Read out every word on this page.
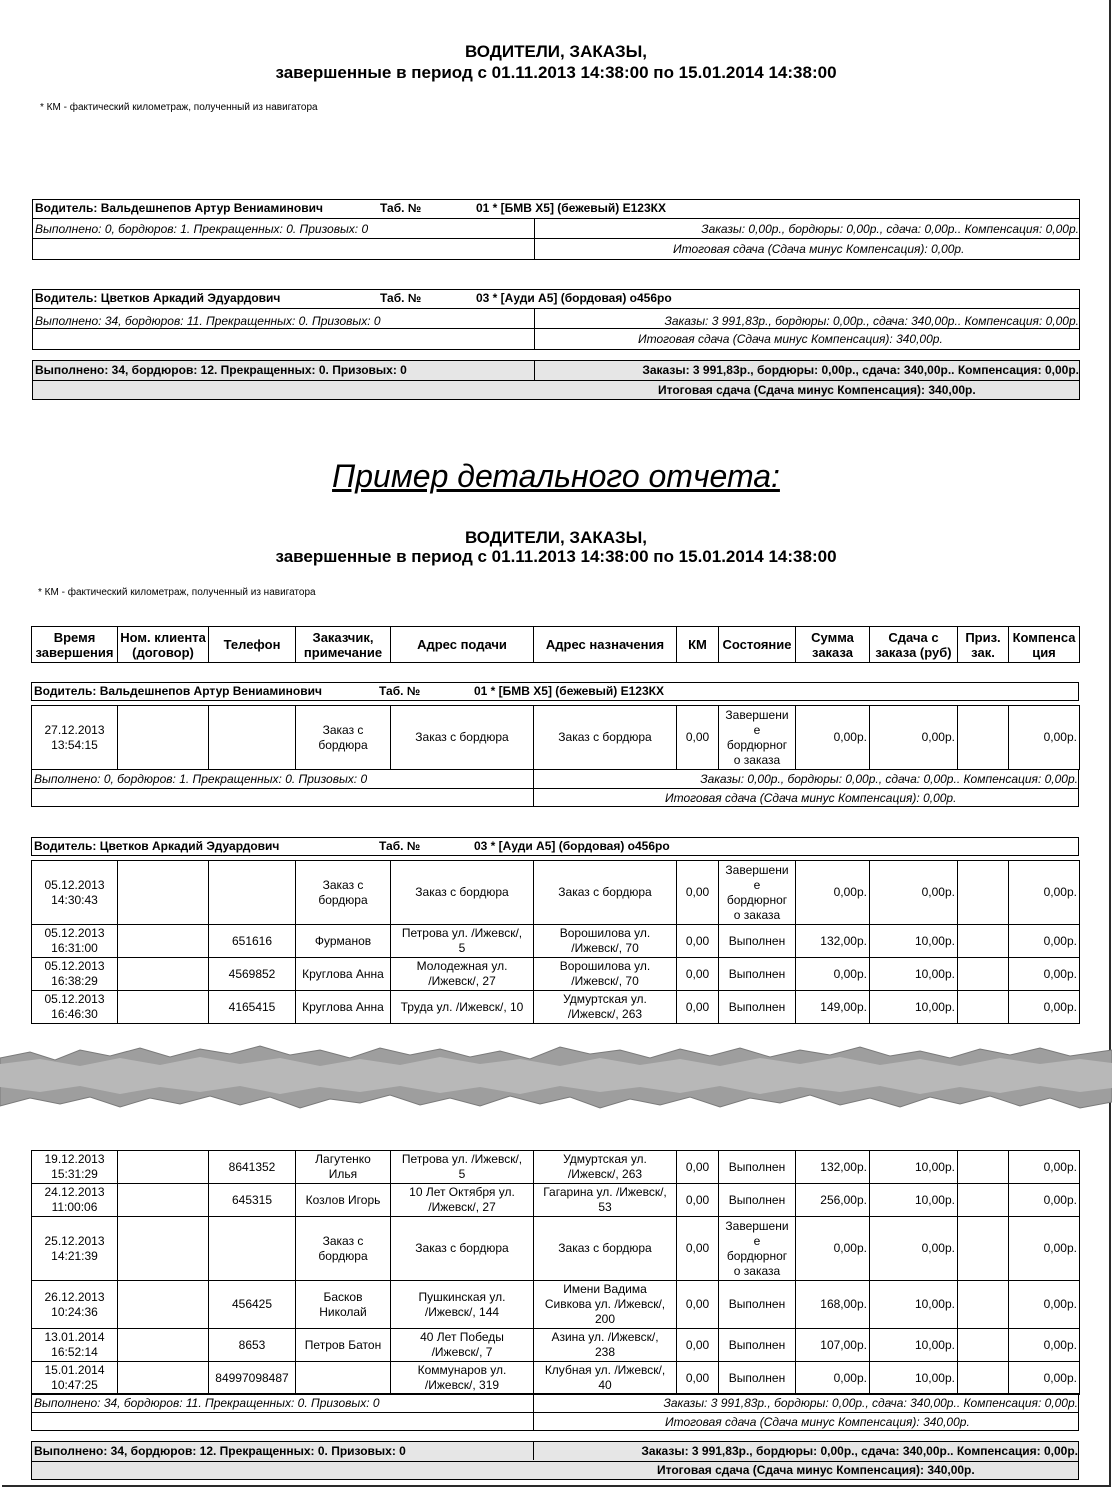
ВОДИТЕЛИ, ЗАКАЗЫ,
завершенные в период с 01.11.2013 14:38:00 по 15.01.2014 14:38:00
* КМ - фактический километраж, полученный из навигатора
Водитель: Вальдешнепов Артур Вениаминович	Таб. №	01 * [БМВ Х5] (бежевый) Е123КХ
Выполнено: 0, бордюров: 1. Прекращенных: 0. Призовых: 0	Заказы: 0,00р., бордюры: 0,00р., сдача: 0,00р.. Компенсация: 0,00р.
Итоговая сдача (Сдача минус Компенсация): 0,00р.
Водитель: Цветков Аркадий Эдуардович	Таб. №	03 * [Ауди А5] (бордовая) о456ро
Выполнено: 34, бордюров: 11. Прекращенных: 0. Призовых: 0	Заказы: 3 991,83р., бордюры: 0,00р., сдача: 340,00р.. Компенсация: 0,00р.
Итоговая сдача (Сдача минус Компенсация): 340,00р.
Выполнено: 34, бордюров: 12. Прекращенных: 0. Призовых: 0	Заказы: 3 991,83р., бордюры: 0,00р., сдача: 340,00р.. Компенсация: 0,00р.
Итоговая сдача (Сдача минус Компенсация): 340,00р.
Пример детального отчета:
ВОДИТЕЛИ, ЗАКАЗЫ,
завершенные в период с 01.11.2013 14:38:00 по 15.01.2014 14:38:00
* КМ - фактический километраж, полученный из навигатора
Время
завершения	Ном. клиента
(договор)	Телефон	Заказчик,
примечание	Адрес подачи	Адрес назначения	КМ	Состояние	Сумма
заказа	Сдача с
заказа (руб)	Приз.
зак.	Компенса
ция
Водитель: Вальдешнепов Артур Вениаминович	Таб. №	01 * [БМВ Х5] (бежевый) Е123КХ
27.12.2013
13:54:15			Заказ с
бордюра	Заказ с бордюра	Заказ с бордюра	0,00	Завершени
е
бордюрног
о заказа	0,00р.	0,00р.		0,00р.
Выполнено: 0, бордюров: 1. Прекращенных: 0. Призовых: 0	Заказы: 0,00р., бордюры: 0,00р., сдача: 0,00р.. Компенсация: 0,00р.
Итоговая сдача (Сдача минус Компенсация): 0,00р.
Водитель: Цветков Аркадий Эдуардович	Таб. №	03 * [Ауди А5] (бордовая) о456ро
05.12.2013
14:30:43			Заказ с
бордюра	Заказ с бордюра	Заказ с бордюра	0,00	Завершени
е
бордюрног
о заказа	0,00р.	0,00р.		0,00р.
05.12.2013
16:31:00		651616	Фурманов	Петрова ул. /Ижевск/,
5	Ворошилова ул.
/Ижевск/, 70	0,00	Выполнен	132,00р.	10,00р.		0,00р.
05.12.2013
16:38:29		4569852	Круглова Анна	Молодежная ул.
/Ижевск/, 27	Ворошилова ул.
/Ижевск/, 70	0,00	Выполнен	0,00р.	10,00р.		0,00р.
05.12.2013
16:46:30		4165415	Круглова Анна	Труда ул. /Ижевск/, 10	Удмуртская ул.
/Ижевск/, 263	0,00	Выполнен	149,00р.	10,00р.		0,00р.
19.12.2013
15:31:29		8641352	Лагутенко
Илья	Петрова ул. /Ижевск/,
5	Удмуртская ул.
/Ижевск/, 263	0,00	Выполнен	132,00р.	10,00р.		0,00р.
24.12.2013
11:00:06		645315	Козлов Игорь	10 Лет Октября ул.
/Ижевск/, 27	Гагарина ул. /Ижевск/,
53	0,00	Выполнен	256,00р.	10,00р.		0,00р.
25.12.2013
14:21:39			Заказ с
бордюра	Заказ с бордюра	Заказ с бордюра	0,00	Завершени
е
бордюрног
о заказа	0,00р.	0,00р.		0,00р.
26.12.2013
10:24:36		456425	Басков
Николай	Пушкинская ул.
/Ижевск/, 144	Имени Вадима
Сивкова ул. /Ижевск/,
200	0,00	Выполнен	168,00р.	10,00р.		0,00р.
13.01.2014
16:52:14		8653	Петров Батон	40 Лет Победы
/Ижевск/, 7	Азина ул. /Ижевск/,
238	0,00	Выполнен	107,00р.	10,00р.		0,00р.
15.01.2014
10:47:25		84997098487		Коммунаров ул.
/Ижевск/, 319	Клубная ул. /Ижевск/,
40	0,00	Выполнен	0,00р.	10,00р.		0,00р.
Выполнено: 34, бордюров: 11. Прекращенных: 0. Призовых: 0	Заказы: 3 991,83р., бордюры: 0,00р., сдача: 340,00р.. Компенсация: 0,00р.
Итоговая сдача (Сдача минус Компенсация): 340,00р.
Выполнено: 34, бордюров: 12. Прекращенных: 0. Призовых: 0	Заказы: 3 991,83р., бордюры: 0,00р., сдача: 340,00р.. Компенсация: 0,00р.
Итоговая сдача (Сдача минус Компенсация): 340,00р.
